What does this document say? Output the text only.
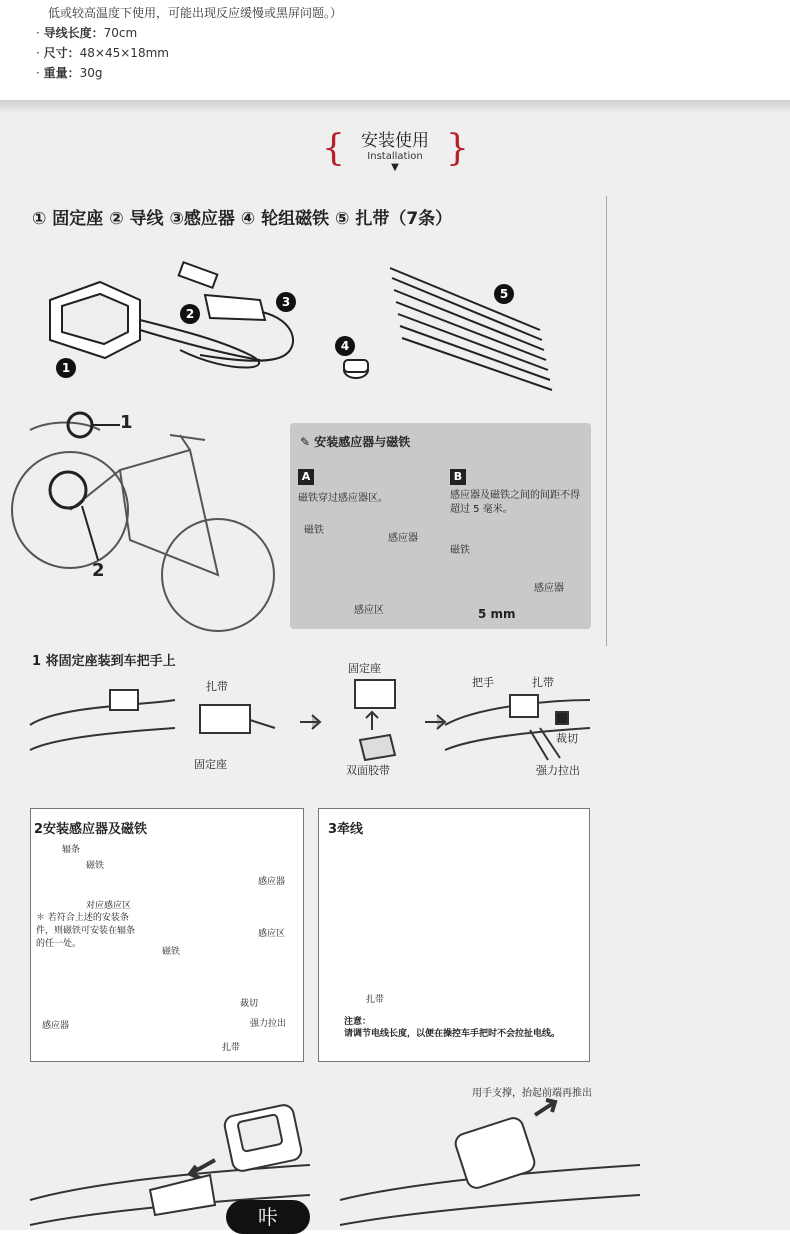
低或较高温度下使用，可能出现反应缓慢或黑屏问题。）
· 导线长度：70cm
· 尺寸：48×45×18mm
· 重量：30g
{	}
安装使用
Installation
▼
① 固定座 ② 导线 ③感应器 ④ 轮组磁铁 ⑤ 扎带（7条）
1
2
3
4
5
1
2
✎ 安装感应器与磁铁
A
磁铁穿过感应器区。
磁铁
感应器
感应区
B
感应器及磁铁之间的间距不得超过 5 毫米。
磁铁
感应器
5 mm
1 将固定座装到车把手上
扎带
固定座
固定座
双面胶带
把手	扎带
裁切
强力拉出
2安装感应器及磁铁
辐条
磁铁
对应感应区
＊ 若符合上述的安装条件，则磁铁可安装在辐条的任一处。
磁铁
感应器
感应区
感应器
裁切
强力拉出
扎带
3牵线
正确
不正确！
扎带
注意：
请调节电线长度，以便在操控车手把时不会拉扯电线。
用手支撑，抬起前端再推出
咔
